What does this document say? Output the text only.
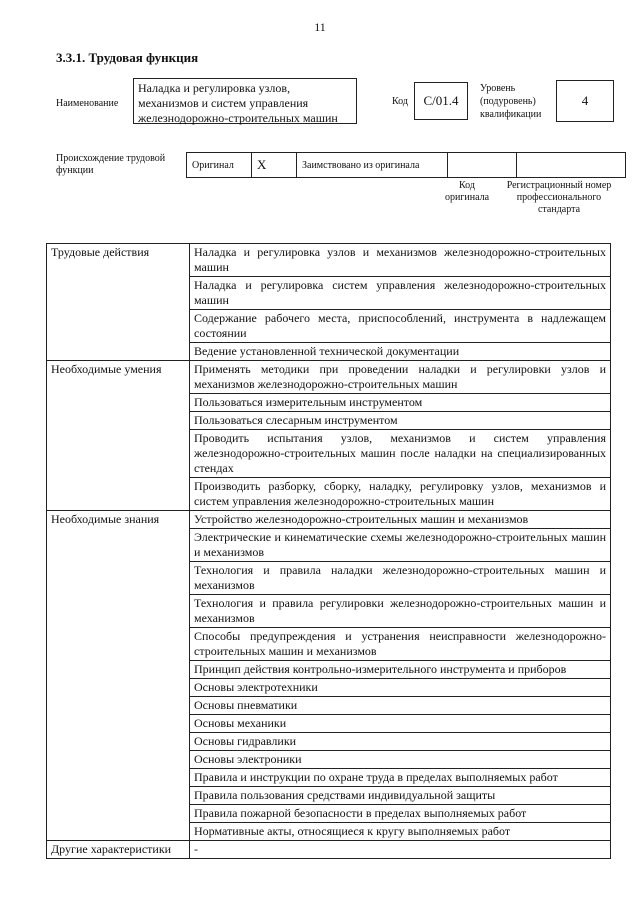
11
3.3.1. Трудовая функция
Наименование
Наладка и регулировка узлов, механизмов и систем управления железнодорожно-строительных машин
Код	С/01.4
Уровень (подуровень) квалификации
4
Происхождение трудовой функции	Оригинал	X	Заимствовано из оригинала		
Код оригинала
Регистрационный номер профессионального стандарта
Трудовые действия	Наладка и регулировка узлов и механизмов железнодорожно-строительных машин
	Наладка и регулировка систем управления железнодорожно-строительных машин
	Содержание рабочего места, приспособлений, инструмента в надлежащем состоянии
	Ведение установленной технической документации
Необходимые умения	Применять методики при проведении наладки и регулировки узлов и механизмов железнодорожно-строительных машин
	Пользоваться измерительным инструментом
	Пользоваться слесарным инструментом
	Проводить испытания узлов, механизмов и систем управления железнодорожно-строительных машин после наладки на специализированных стендах
	Производить разборку, сборку, наладку, регулировку узлов, механизмов и систем управления железнодорожно-строительных машин
Необходимые знания	Устройство железнодорожно-строительных машин и механизмов
	Электрические и кинематические схемы железнодорожно-строительных машин и механизмов
	Технология и правила наладки железнодорожно-строительных машин и механизмов
	Технология и правила регулировки железнодорожно-строительных машин и механизмов
	Способы предупреждения и устранения неисправности железнодорожно-строительных машин и механизмов
	Принцип действия контрольно-измерительного инструмента и приборов
	Основы электротехники
	Основы пневматики
	Основы механики
	Основы гидравлики
	Основы электроники
	Правила и инструкции по охране труда в пределах выполняемых работ
	Правила пользования средствами индивидуальной защиты
	Правила пожарной безопасности в пределах выполняемых работ
	Нормативные акты, относящиеся к кругу выполняемых работ
Другие характеристики	-
